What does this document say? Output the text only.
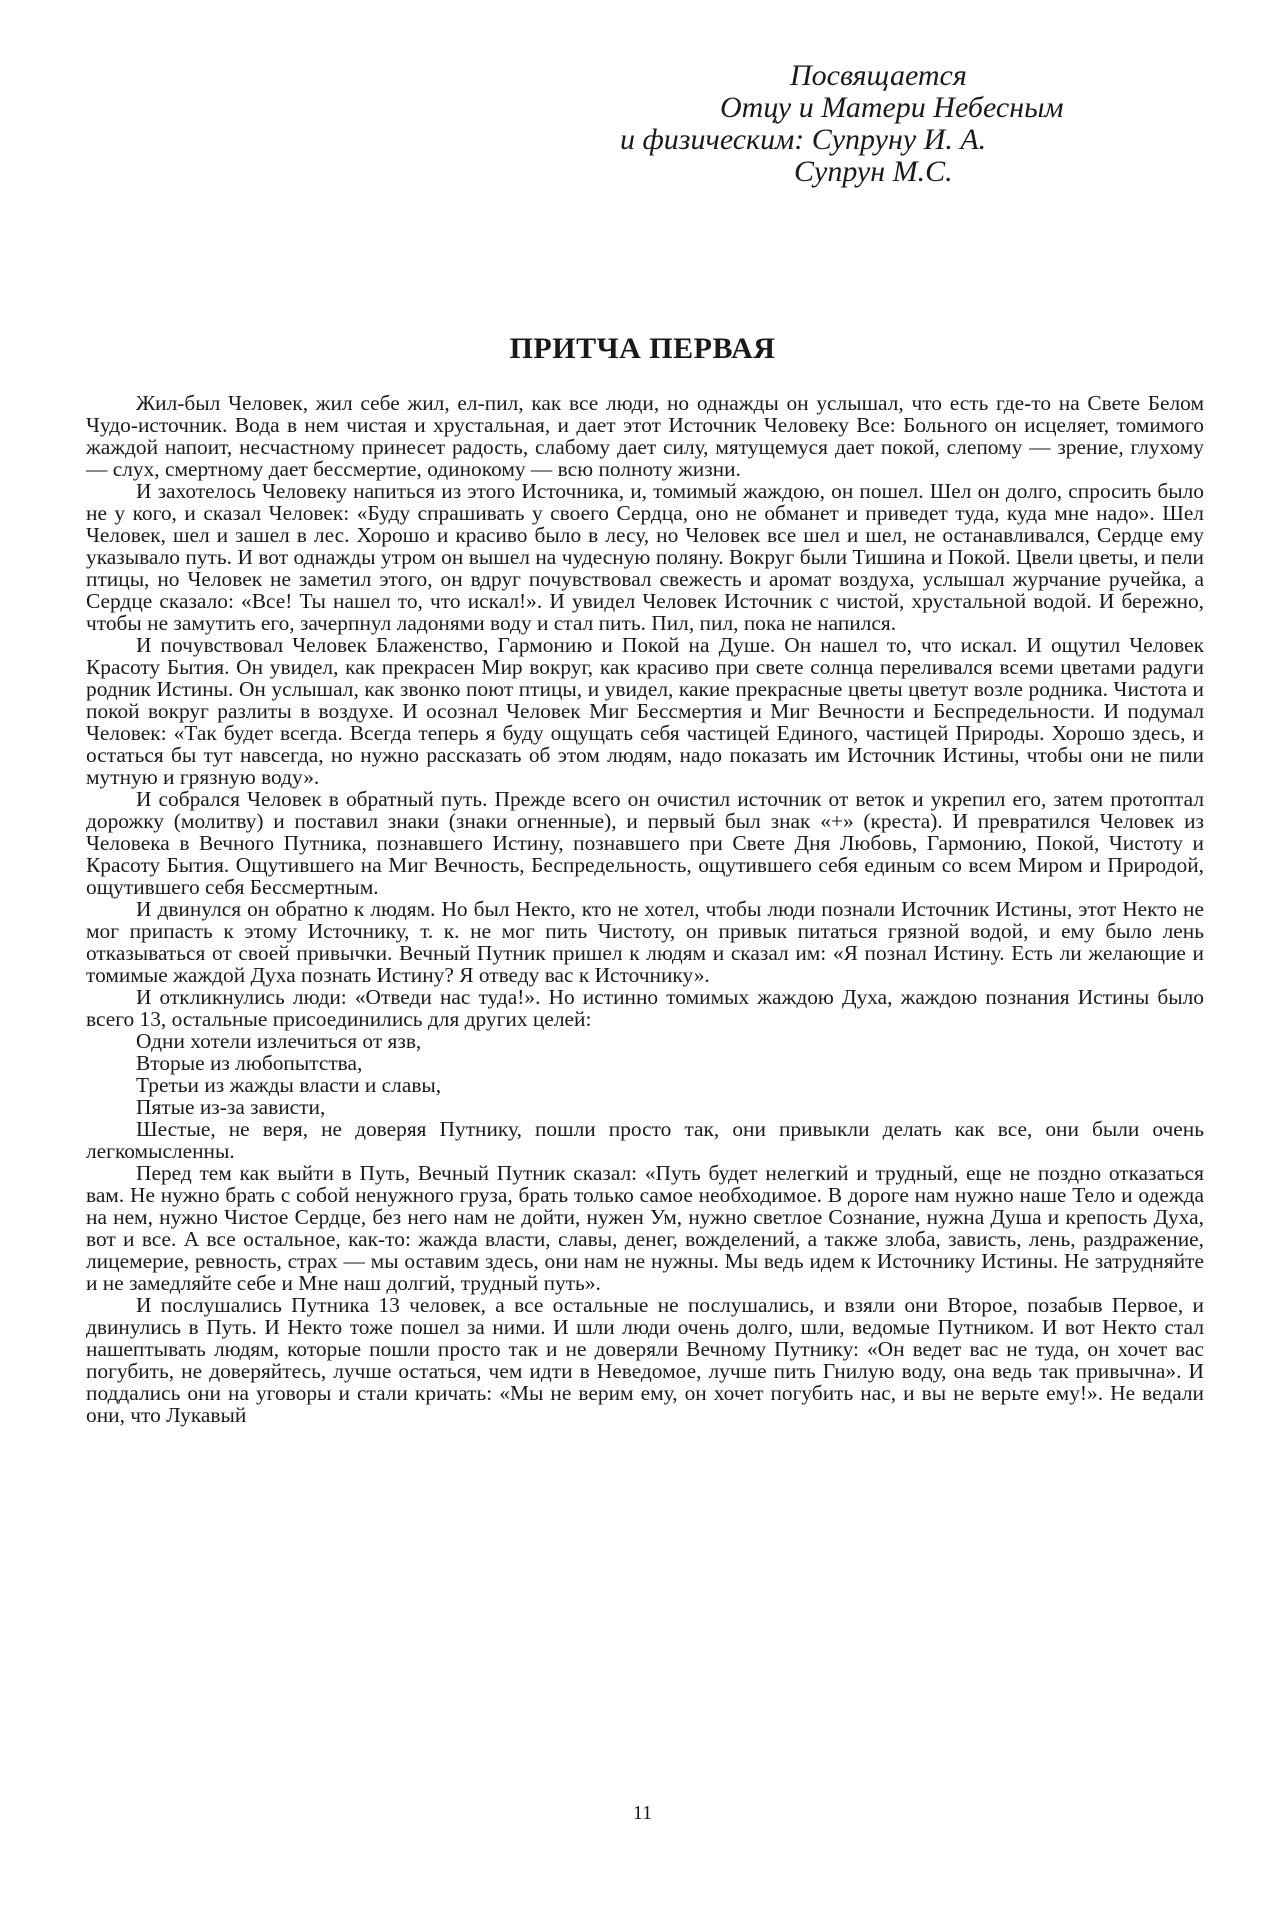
Посвящается
Отцу и Матери Небесным
и физическим: Супруну И. А.
Супрун М.С.
ПРИТЧА ПЕРВАЯ

Жил-был Человек, жил себе жил, ел-пил, как все люди, но однажды он услышал, что есть где-то на Свете Белом Чудо-источник. Вода в нем чистая и хрустальная, и дает этот Источник Человеку Все: Больного он исцеляет, томимого жаждой напоит, несчастному принесет радость, слабому дает силу, мятущемуся дает покой, слепому — зрение, глухому — слух, смертному дает бессмертие, одинокому — всю полноту жизни.

И захотелось Человеку напиться из этого Источника, и, томимый жаждою, он пошел. Шел он долго, спросить было не у кого, и сказал Человек: «Буду спрашивать у своего Сердца, оно не обманет и приведет туда, куда мне надо». Шел Человек, шел и зашел в лес. Хорошо и красиво было в лесу, но Человек все шел и шел, не останавливался, Сердце ему указывало путь. И вот однажды утром он вышел на чудесную поляну. Вокруг были Тишина и Покой. Цвели цветы, и пели птицы, но Человек не заметил этого, он вдруг почувствовал свежесть и аромат воздуха, услышал журчание ручейка, а Сердце сказало: «Все! Ты нашел то, что искал!». И увидел Человек Источник с чистой, хрустальной водой. И бережно, чтобы не замутить его, зачерпнул ладонями воду и стал пить. Пил, пил, пока не напился.

И почувствовал Человек Блаженство, Гармонию и Покой на Душе. Он нашел то, что искал. И ощутил Человек Красоту Бытия. Он увидел, как прекрасен Мир вокруг, как красиво при свете солнца переливался всеми цветами радуги родник Истины. Он услышал, как звонко поют птицы, и увидел, какие прекрасные цветы цветут возле родника. Чистота и покой вокруг разлиты в воздухе. И осознал Человек Миг Бессмертия и Миг Вечности и Беспредельности. И подумал Человек: «Так будет всегда. Всегда теперь я буду ощущать себя частицей Единого, частицей Природы. Хорошо здесь, и остаться бы тут навсегда, но нужно рассказать об этом людям, надо показать им Источник Истины, чтобы они не пили мутную и грязную воду».

И собрался Человек в обратный путь. Прежде всего он очистил источник от веток и укрепил его, затем протоптал дорожку (молитву) и поставил знаки (знаки огненные), и первый был знак «+» (креста). И превратился Человек из Человека в Вечного Путника, познавшего Истину, познавшего при Свете Дня Любовь, Гармонию, Покой, Чистоту и Красоту Бытия. Ощутившего на Миг Вечность, Беспредельность, ощутившего себя единым со всем Миром и Природой, ощутившего себя Бессмертным.

И двинулся он обратно к людям. Но был Некто, кто не хотел, чтобы люди познали Источник Истины, этот Некто не мог припасть к этому Источнику, т. к. не мог пить Чистоту, он привык питаться грязной водой, и ему было лень отказываться от своей привычки. Вечный Путник пришел к людям и сказал им: «Я познал Истину. Есть ли желающие и томимые жаждой Духа познать Истину? Я отведу вас к Источнику».

И откликнулись люди: «Отведи нас туда!». Но истинно томимых жаждою Духа, жаждою познания Истины было всего 13, остальные присоединились для других целей:

Одни хотели излечиться от язв,

Вторые из любопытства,

Третьи из жажды власти и славы,

Пятые из-за зависти,

Шестые, не веря, не доверяя Путнику, пошли просто так, они привыкли делать как все, они были очень легкомысленны.

Перед тем как выйти в Путь, Вечный Путник сказал: «Путь будет нелегкий и трудный, еще не поздно отказаться вам. Не нужно брать с собой ненужного груза, брать только самое необходимое. В дороге нам нужно наше Тело и одежда на нем, нужно Чистое Сердце, без него нам не дойти, нужен Ум, нужно светлое Сознание, нужна Душа и крепость Духа, вот и все. А все остальное, как-то: жажда власти, славы, денег, вожделений, а также злоба, зависть, лень, раздражение, лицемерие, ревность, страх — мы оставим здесь, они нам не нужны. Мы ведь идем к Источнику Истины. Не затрудняйте и не замедляйте себе и Мне наш долгий, трудный путь».

И послушались Путника 13 человек, а все остальные не послушались, и взяли они Второе, позабыв Первое, и двинулись в Путь. И Некто тоже пошел за ними. И шли люди очень долго, шли, ведомые Путником. И вот Некто стал нашептывать людям, которые пошли просто так и не доверяли Вечному Путнику: «Он ведет вас не туда, он хочет вас погубить, не доверяйтесь, лучше остаться, чем идти в Неведомое, лучше пить Гнилую воду, она ведь так привычна». И поддались они на уговоры и стали кричать: «Мы не верим ему, он хочет погубить нас, и вы не верьте ему!». Не ведали они, что Лукавый

11
